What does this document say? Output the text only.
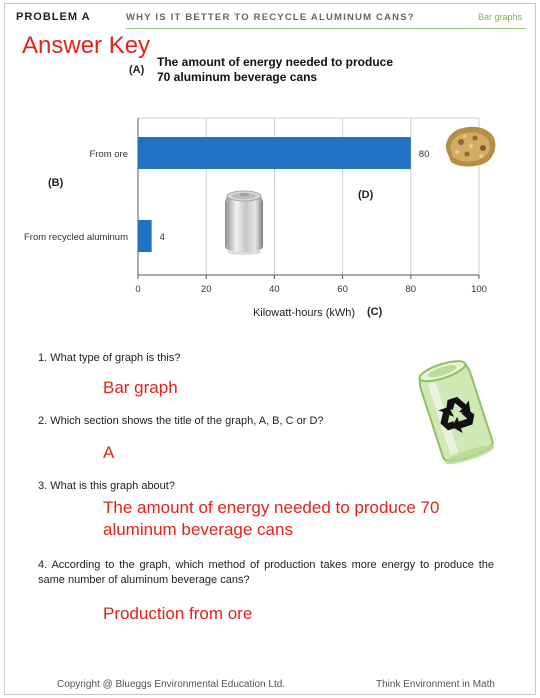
PROBLEM A	WHY IS IT BETTER TO RECYCLE ALUMINUM CANS?	Bar graphs
Answer Key
(A)
The amount of energy needed to produce
70 aluminum beverage cans
(B)
(D)
(C)
0	20	40	60	80	100
From ore	80
From recycled aluminum	4
Kilowatt-hours (kWh)
1. What type of graph is this?
Bar graph
2. Which section shows the title of the graph, A, B, C or D?
A
3. What is this graph about?
The amount of energy needed to produce 70 aluminum beverage cans
4. According to the graph, which method of production takes more energy to produce the same number of aluminum beverage cans?
Production from ore
Copyright @ Blueggs Environmental Education Ltd.	Think Environment in Math
